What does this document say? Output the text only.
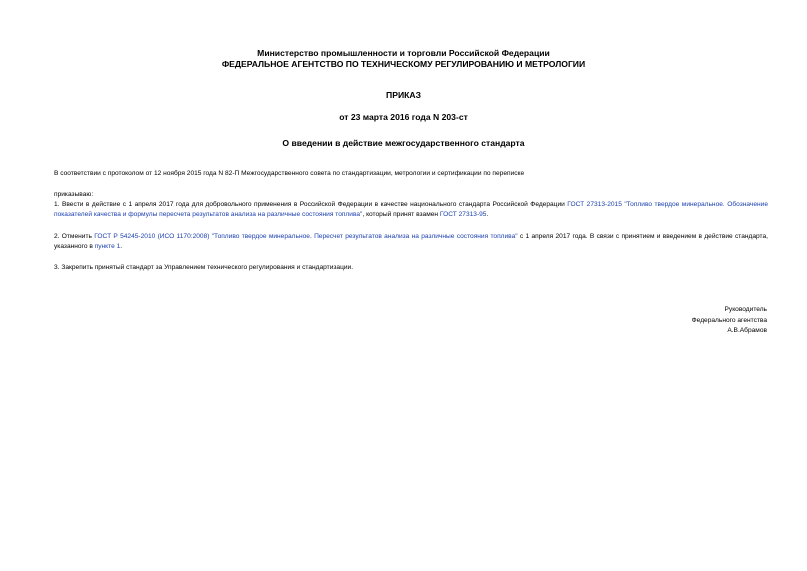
Министерство промышленности и торговли Российской Федерации
ФЕДЕРАЛЬНОЕ АГЕНТСТВО ПО ТЕХНИЧЕСКОМУ РЕГУЛИРОВАНИЮ И МЕТРОЛОГИИ
ПРИКАЗ
от 23 марта 2016 года N 203-ст
О введении в действие межгосударственного стандарта
В соответствии с протоколом от 12 ноября 2015 года N 82-П Межгосударственного совета по стандартизации, метрологии и сертификации по переписке
приказываю:
1. Ввести в действие с 1 апреля 2017 года для добровольного применения в Российской Федерации в качестве национального стандарта Российской Федерации ГОСТ 27313-2015 "Топливо твердое минеральное. Обозначение показателей качества и формулы пересчета результатов анализа на различные состояния топлива", который принят взамен ГОСТ 27313-95.
2. Отменить ГОСТ Р 54245-2010 (ИСО 1170:2008) "Топливо твердое минеральное. Пересчет результатов анализа на различные состояния топлива" с 1 апреля 2017 года. В связи с принятием и введением в действие стандарта, указанного в пункте 1.
3. Закрепить принятый стандарт за Управлением технического регулирования и стандартизации.
Руководитель
Федерального агентства
А.В.Абрамов
